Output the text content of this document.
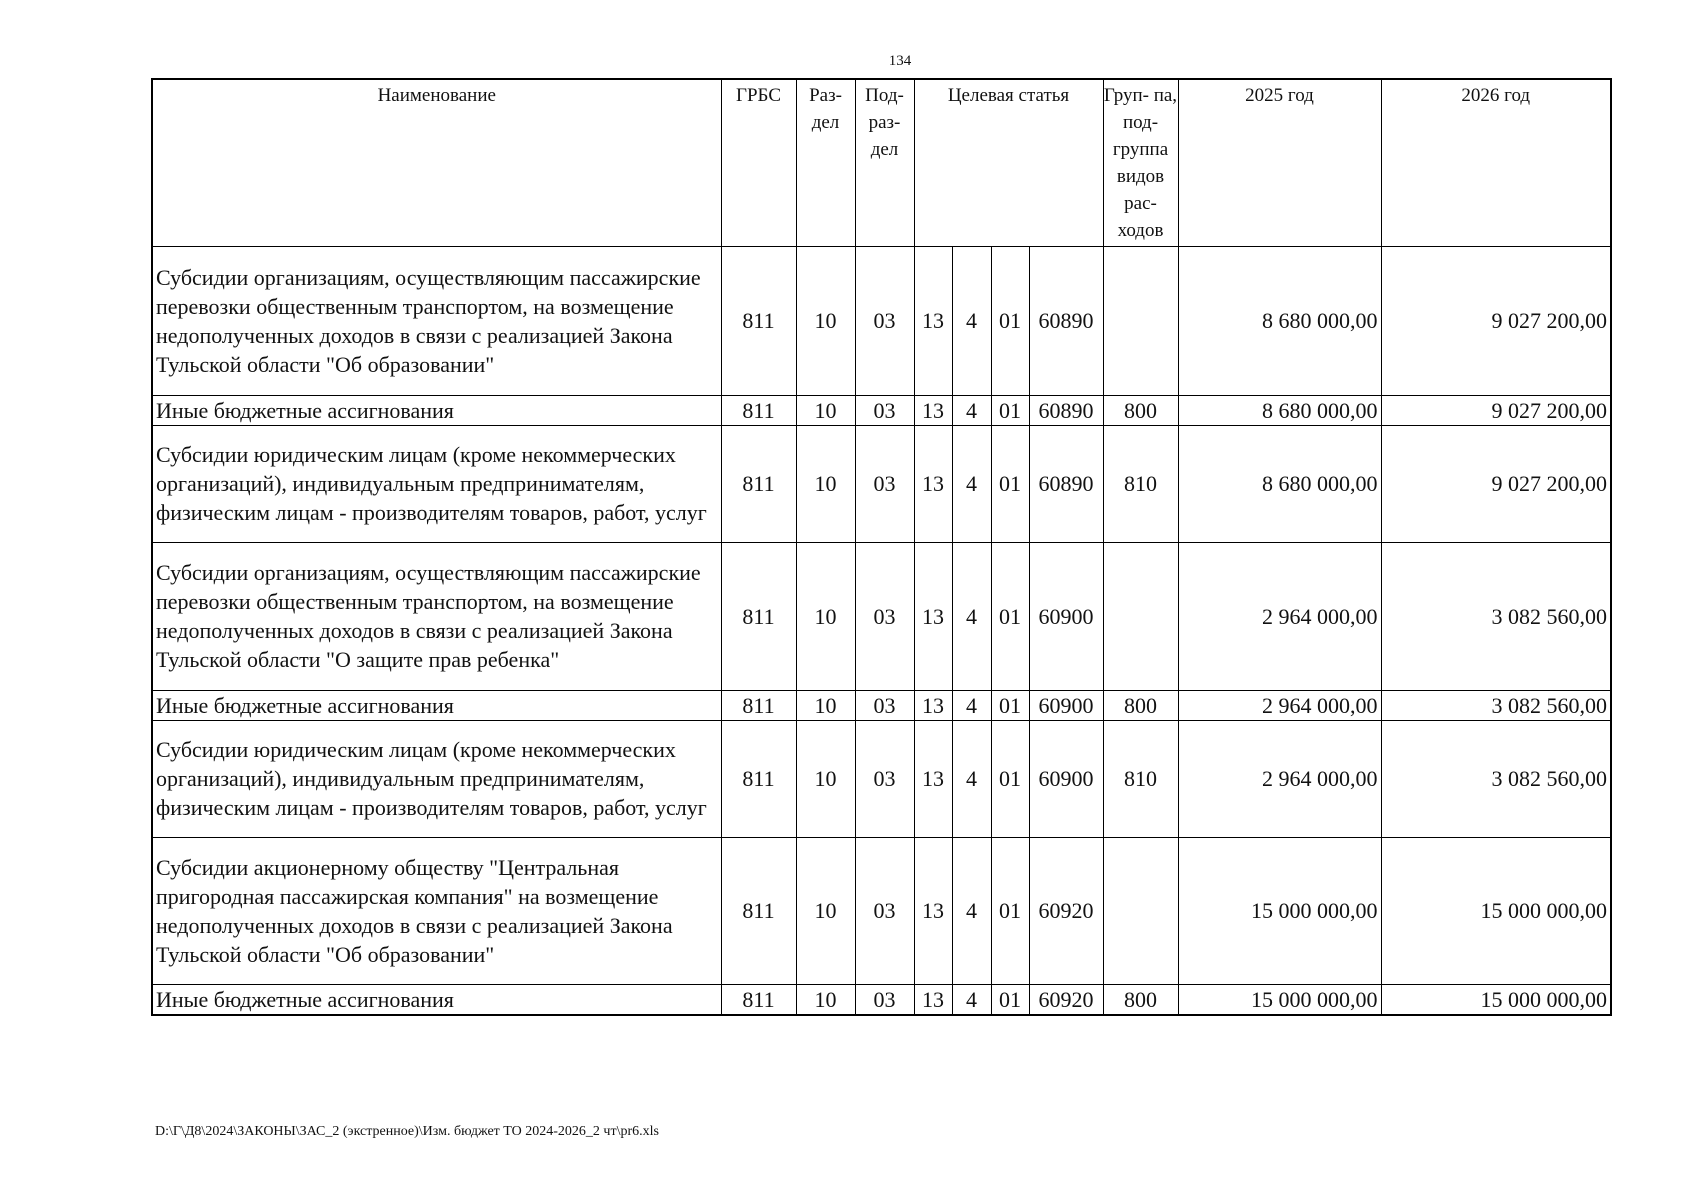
134
Наименование	ГРБС	Раз- дел	Под- раз- дел	Целевая статья				Груп- па, под- группа видов рас- ходов	2025 год	2026 год
Субсидии организациям, осуществляющим пассажирские перевозки общественным транспортом, на возмещение недополученных доходов в связи с реализацией Закона Тульской области "Об образовании"	811	10	03	13	4	01	60890		8 680 000,00	9 027 200,00
Иные бюджетные ассигнования	811	10	03	13	4	01	60890	800	8 680 000,00	9 027 200,00
Субсидии юридическим лицам (кроме некоммерческих организаций), индивидуальным предпринимателям, физическим лицам - производителям товаров, работ, услуг	811	10	03	13	4	01	60890	810	8 680 000,00	9 027 200,00
Субсидии организациям, осуществляющим пассажирские перевозки общественным транспортом, на возмещение недополученных доходов в связи с реализацией Закона Тульской области "О защите прав ребенка"	811	10	03	13	4	01	60900		2 964 000,00	3 082 560,00
Иные бюджетные ассигнования	811	10	03	13	4	01	60900	800	2 964 000,00	3 082 560,00
Субсидии юридическим лицам (кроме некоммерческих организаций), индивидуальным предпринимателям, физическим лицам - производителям товаров, работ, услуг	811	10	03	13	4	01	60900	810	2 964 000,00	3 082 560,00
Субсидии акционерному обществу "Центральная пригородная пассажирская компания" на возмещение недополученных доходов в связи с реализацией Закона Тульской области "Об образовании"	811	10	03	13	4	01	60920		15 000 000,00	15 000 000,00
Иные бюджетные ассигнования	811	10	03	13	4	01	60920	800	15 000 000,00	15 000 000,00
D:\Г\Д8\2024\ЗАКОНЫ\ЗАС_2 (экстренное)\Изм. бюджет ТО 2024-2026_2 чт\pr6.xls
